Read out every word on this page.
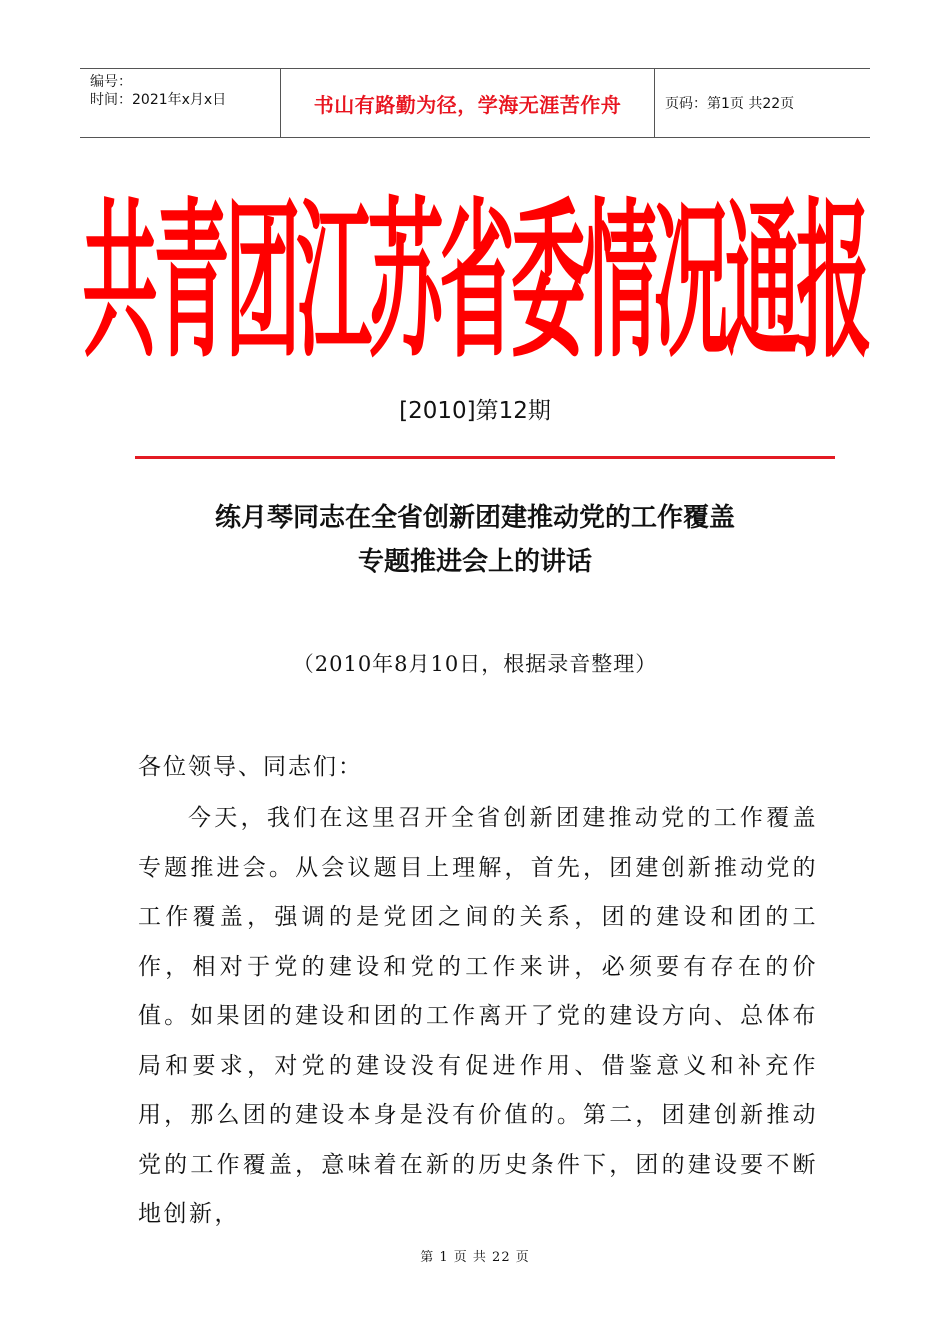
编号：
时间：2021年x月x日	书山有路勤为径，学海无涯苦作舟	页码：第1页 共22页
共青团江苏省委情况通报
[2010]第12期
练月琴同志在全省创新团建推动党的工作覆盖
专题推进会上的讲话
（2010年8月10日，根据录音整理）
各位领导、同志们：
今天，我们在这里召开全省创新团建推动党的工作覆盖专题推进会。从会议题目上理解，首先，团建创新推动党的工作覆盖，强调的是党团之间的关系，团的建设和团的工作，相对于党的建设和党的工作来讲，必须要有存在的价值。如果团的建设和团的工作离开了党的建设方向、总体布局和要求，对党的建设没有促进作用、借鉴意义和补充作用，那么团的建设本身是没有价值的。第二，团建创新推动党的工作覆盖，意味着在新的历史条件下，团的建设要不断地创新，
第 1 页 共 22 页
